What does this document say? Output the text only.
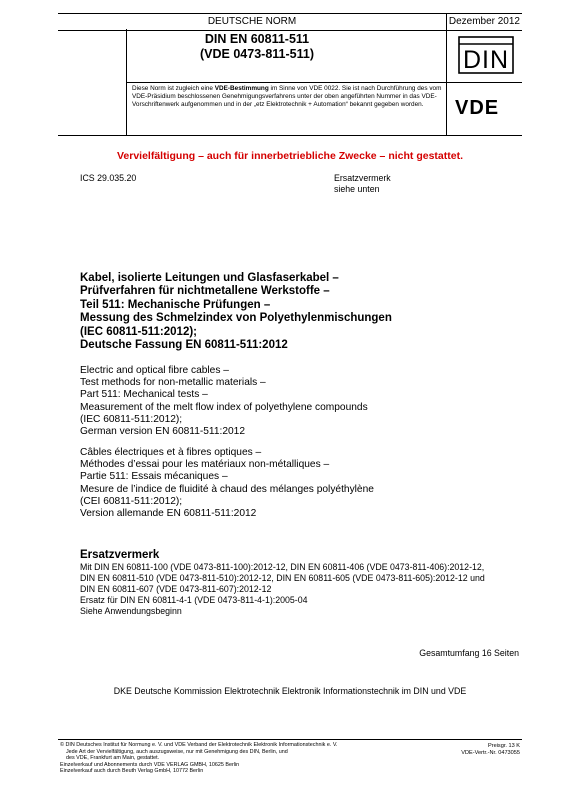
DEUTSCHE NORM	Dezember 2012
DIN EN 60811-511
(VDE 0473-811-511)	DIN
Diese Norm ist zugleich eine VDE-Bestimmung im Sinne von VDE 0022. Sie ist nach Durchführung des vom VDE-Präsidium beschlossenen Genehmigungsverfahrens unter der oben angeführten Nummer in das VDE-Vorschriftenwerk aufgenommen und in der „etz Elektrotechnik + Automation“ bekannt gegeben worden.	VDE
Vervielfältigung – auch für innerbetriebliche Zwecke – nicht gestattet.
ICS 29.035.20	Ersatzvermerk
siehe unten
Kabel, isolierte Leitungen und Glasfaserkabel –
Prüfverfahren für nichtmetallene Werkstoffe –
Teil 511: Mechanische Prüfungen –
Messung des Schmelzindex von Polyethylenmischungen
(IEC 60811-511:2012);
Deutsche Fassung EN 60811-511:2012
Electric and optical fibre cables –
Test methods for non-metallic materials –
Part 511: Mechanical tests –
Measurement of the melt flow index of polyethylene compounds
(IEC 60811-511:2012);
German version EN 60811-511:2012
Câbles électriques et à fibres optiques –
Méthodes d’essai pour les matériaux non-métalliques –
Partie 511: Essais mécaniques –
Mesure de l’indice de fluidité à chaud des mélanges polyéthylène
(CEI 60811-511:2012);
Version allemande EN 60811-511:2012
Ersatzvermerk
Mit DIN EN 60811-100 (VDE 0473-811-100):2012-12, DIN EN 60811-406 (VDE 0473-811-406):2012-12,
DIN EN 60811-510 (VDE 0473-811-510):2012-12, DIN EN 60811-605 (VDE 0473-811-605):2012-12 und
DIN EN 60811-607 (VDE 0473-811-607):2012-12
Ersatz für DIN EN 60811-4-1 (VDE 0473-811-4-1):2005-04
Siehe Anwendungsbeginn
Gesamtumfang 16 Seiten
DKE Deutsche Kommission Elektrotechnik Elektronik Informationstechnik im DIN und VDE
© DIN Deutsches Institut für Normung e. V. und VDE Verband der Elektrotechnik Elektronik Informationstechnik e. V.
Jede Art der Vervielfältigung, auch auszugsweise, nur mit Genehmigung des DIN, Berlin, und
des VDE, Frankfurt am Main, gestattet.
Einzelverkauf und Abonnements durch VDE VERLAG GMBH, 10625 Berlin
Einzelverkauf auch durch Beuth Verlag GmbH, 10772 Berlin
Preisgr. 13 K
VDE-Vertr.-Nr. 0473055
